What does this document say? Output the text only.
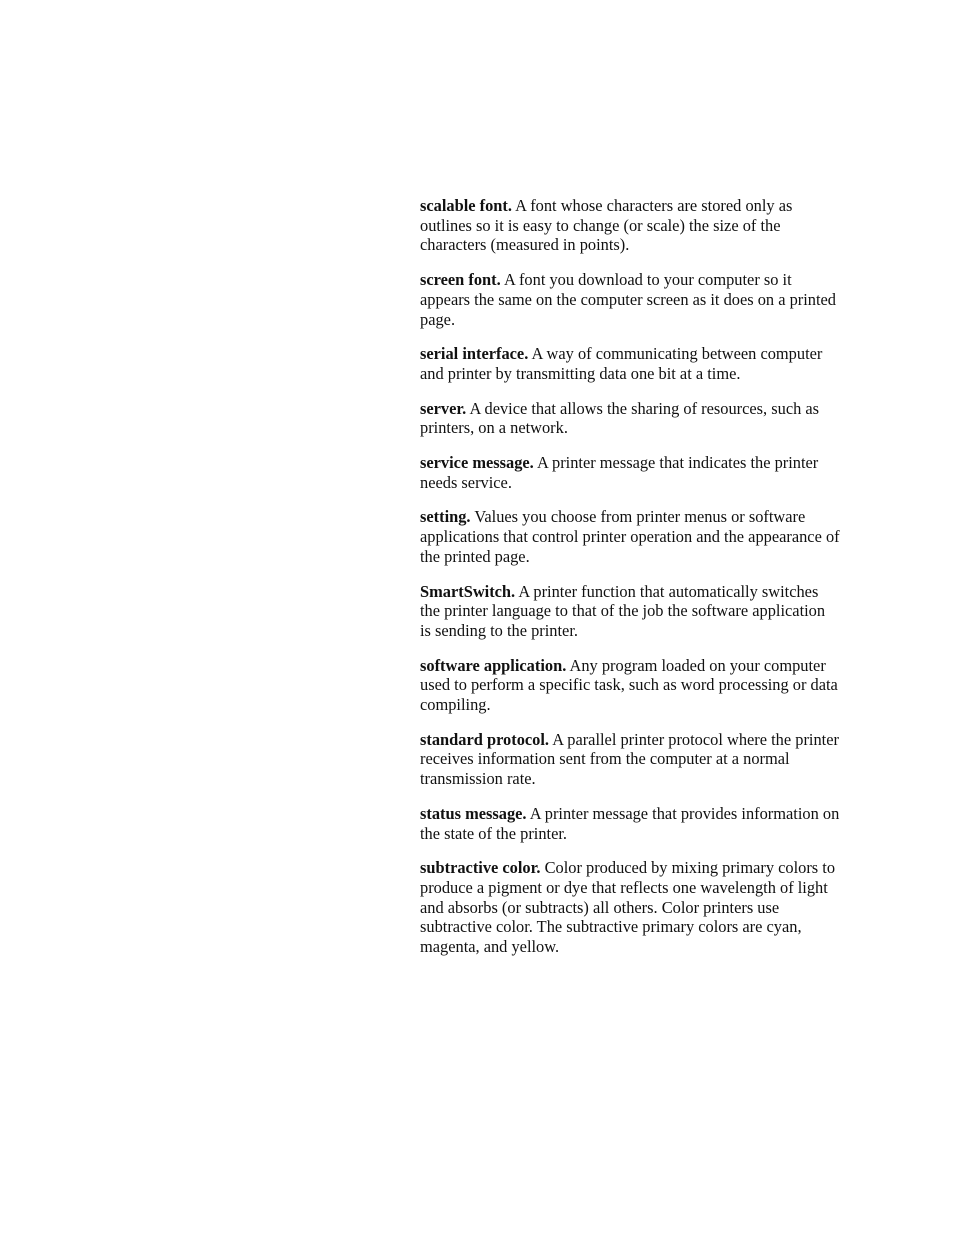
scalable font. A font whose characters are stored only as outlines so it is easy to change (or scale) the size of the characters (measured in points).

screen font. A font you download to your computer so it appears the same on the computer screen as it does on a printed page.

serial interface. A way of communicating between computer and printer by transmitting data one bit at a time.

server. A device that allows the sharing of resources, such as printers, on a network.

service message. A printer message that indicates the printer needs service.

setting. Values you choose from printer menus or software applications that control printer operation and the appearance of the printed page.

SmartSwitch. A printer function that automatically switches the printer language to that of the job the software application is sending to the printer.

software application. Any program loaded on your computer used to perform a specific task, such as word processing or data compiling.

standard protocol. A parallel printer protocol where the printer receives information sent from the computer at a normal transmission rate.

status message. A printer message that provides information on the state of the printer.

subtractive color. Color produced by mixing primary colors to produce a pigment or dye that reflects one wavelength of light and absorbs (or subtracts) all others. Color printers use subtractive color. The subtractive primary colors are cyan, magenta, and yellow.
